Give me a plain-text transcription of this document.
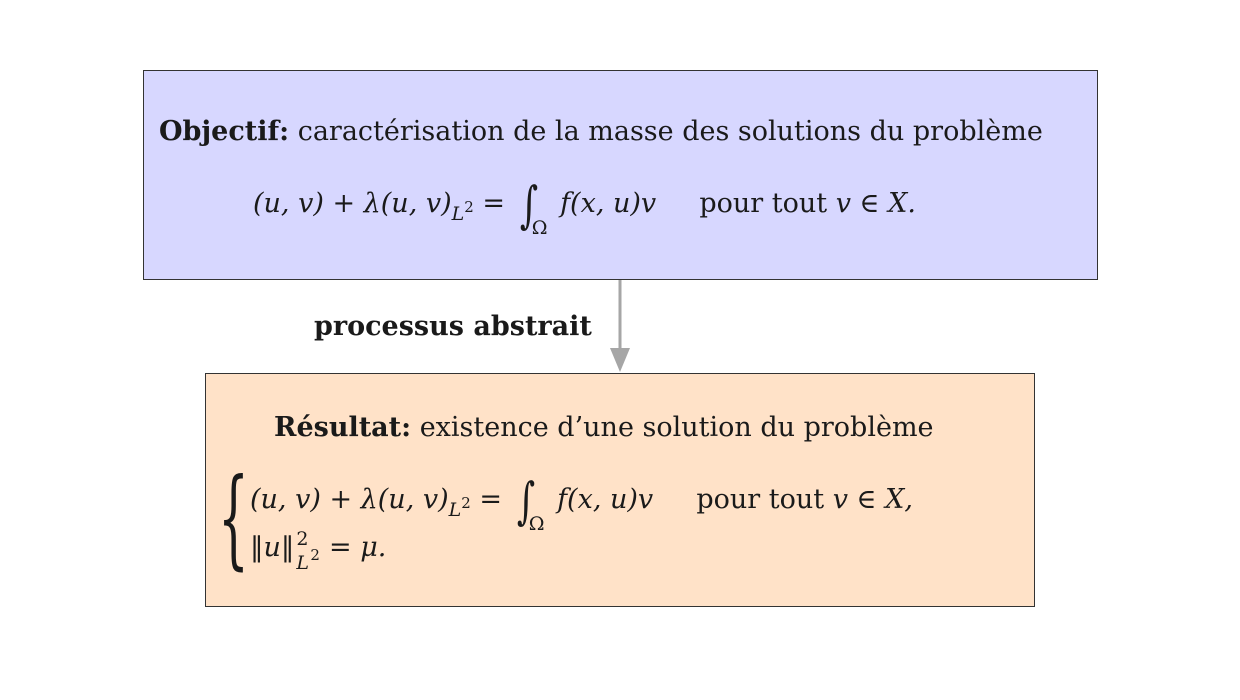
Objectif: caractérisation de la masse des solutions du problème
(u, v) + λ(u, $v)_{L^2} = \int_\Omega$ f(x, u)v pour tout v ∈ X.
processus abstrait
Résultat: existence d’une solution du problème
{ (u, v) + λ(u, $v)_{L^2} = \int_\Omega$ f(x, u)v pour tout v ∈ X,
‖u‖ 2
L 2 = μ.
